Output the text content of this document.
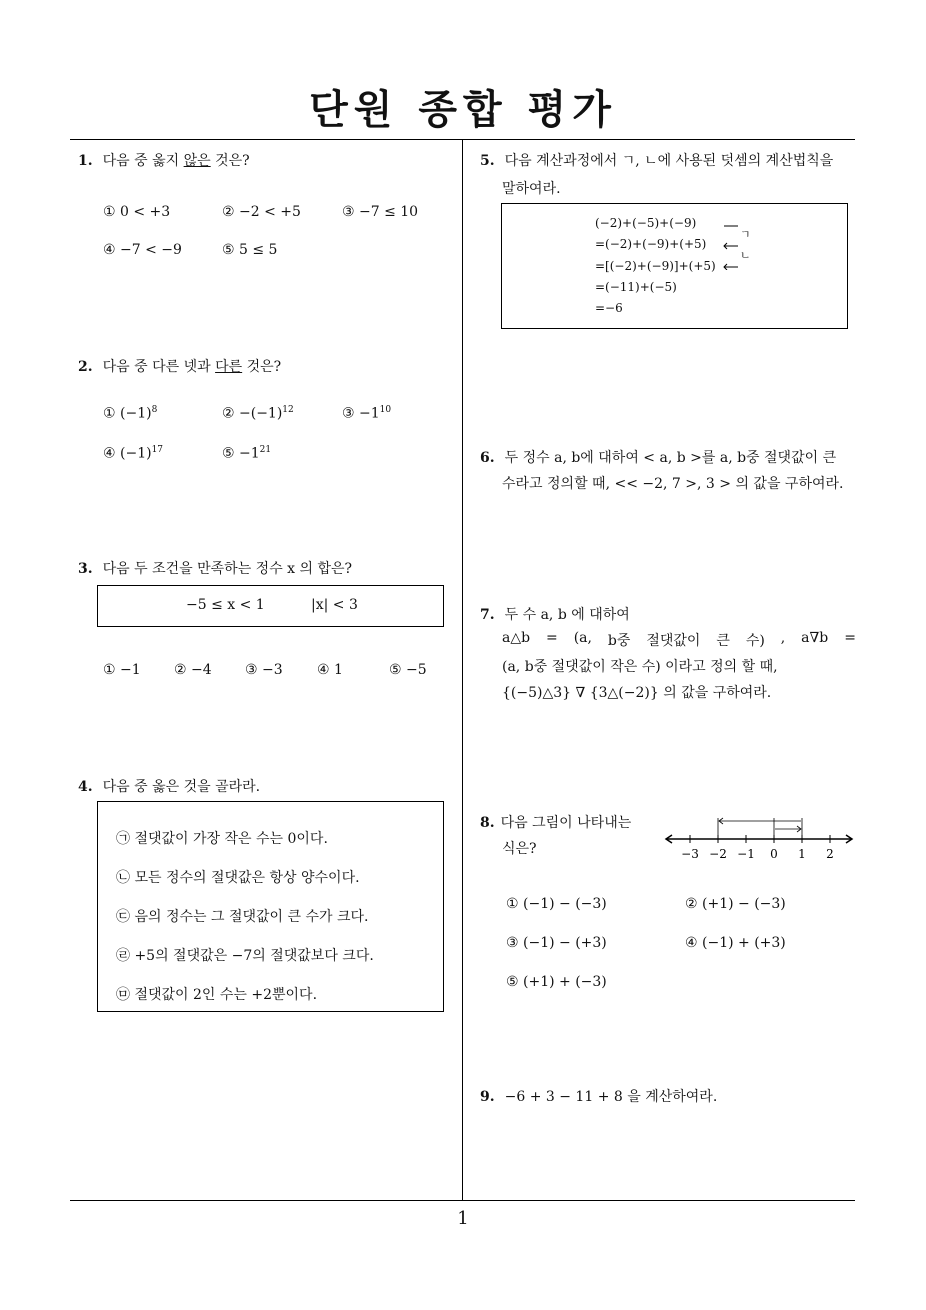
단원 종합 평가
1
1. 다음 중 옳지 않은 것은?
① 0 < +3	② −2 < +5	③ −7 ≤ 10
④ −7 < −9	⑤ 5 ≤ 5
2. 다음 중 다른 넷과 다른 것은?
① $(-1)^8$	② $-(-1)^{12}$	③ $-1^{10}$
④ $(-1)^{17}$	⑤ $-1^{21}$
3. 다음 두 조건을 만족하는 정수 x 의 합은?
−5 ≤ x < 1	|x| < 3
① −1 ② −4 ③ −3 ④ 1	⑤ −5
4. 다음 중 옳은 것을 골라라.
㉠ 절댓값이 가장 작은 수는 0이다.
㉡ 모든 정수의 절댓값은 항상 양수이다.
㉢ 음의 정수는 그 절댓값이 큰 수가 크다.
㉣ +5의 절댓값은 −7의 절댓값보다 크다.
㉤ 절댓값이 2인 수는 +2뿐이다.
5. 다음 계산과정에서 ㄱ, ㄴ에 사용된 덧셈의 계산법칙을
말하여라.
(−2)+(−5)+(−9)
=(−2)+(−9)+(+5)
=[(−2)+(−9)]+(+5)
=(−11)+(−5)
=−6
ㄱ
ㄴ
6. 두 정수 a, b에 대하여 < a, b >를 a, b중 절댓값이 큰
수라고 정의할 때, << −2, 7 >, 3 > 의 값을 구하여라.
7. 두 수 a, b 에 대하여
a△b = (a, b중 절댓값이 큰 수) , a∇b =
(a, b중 절댓값이 작은 수) 이라고 정의 할 때,
{(−5)△3} ∇ {3△(−2)} 의 값을 구하여라.
8. 다음 그림이 나타내는
식은?	−3 −2 −1 0 1 2
① (−1) − (−3)	② (+1) − (−3)
③ (−1) − (+3)	④ (−1) + (+3)
⑤ (+1) + (−3)
9. −6 + 3 − 11 + 8 을 계산하여라.
